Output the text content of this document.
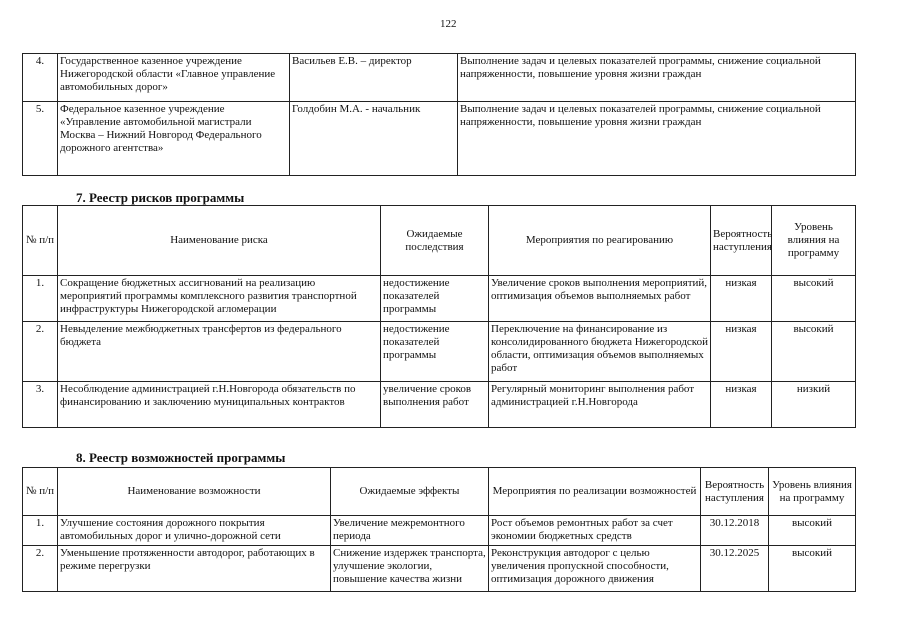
122
4.	Государственное казенное учреждение Нижегородской области «Главное управление автомобильных дорог»	Васильев Е.В. – директор	Выполнение задач и целевых показателей программы, снижение социальной напряженности, повышение уровня жизни граждан
5.	Федеральное казенное учреждение «Управление автомобильной магистрали Москва – Нижний Новгород Федерального дорожного агентства»	Голдобин М.А. - начальник	Выполнение задач и целевых показателей программы, снижение социальной напряженности, повышение уровня жизни граждан
7. Реестр рисков программы
№ п/п	Наименование риска	Ожидаемые последствия	Мероприятия по реагированию	Вероятность наступления	Уровень влияния на программу
1.	Сокращение бюджетных ассигнований на реализацию мероприятий программы комплексного развития транспортной инфраструктуры Нижегородской агломерации	недостижение показателей программы	Увеличение сроков выполнения мероприятий, оптимизация объемов выполняемых работ	низкая	высокий
2.	Невыделение межбюджетных трансфертов из федерального бюджета	недостижение показателей программы	Переключение на финансирование из консолидированного бюджета Нижегородской области, оптимизация объемов выполняемых работ	низкая	высокий
3.	Несоблюдение администрацией г.Н.Новгорода обязательств по финансированию и заключению муниципальных контрактов	увеличение сроков выполнения работ	Регулярный мониторинг выполнения работ администрацией г.Н.Новгорода	низкая	низкий
8. Реестр возможностей программы
№ п/п	Наименование возможности	Ожидаемые эффекты	Мероприятия по реализации возможностей	Вероятность наступления	Уровень влияния на программу
1.	Улучшение состояния дорожного покрытия автомобильных дорог и улично-дорожной сети	Увеличение межремонтного периода	Рост объемов ремонтных работ за счет экономии бюджетных средств	30.12.2018	высокий
2.	Уменьшение протяженности автодорог, работающих в режиме перегрузки	Снижение издержек транспорта, улучшение экологии, повышение качества жизни	Реконструкция автодорог с целью увеличения пропускной способности, оптимизация дорожного движения	30.12.2025	высокий
